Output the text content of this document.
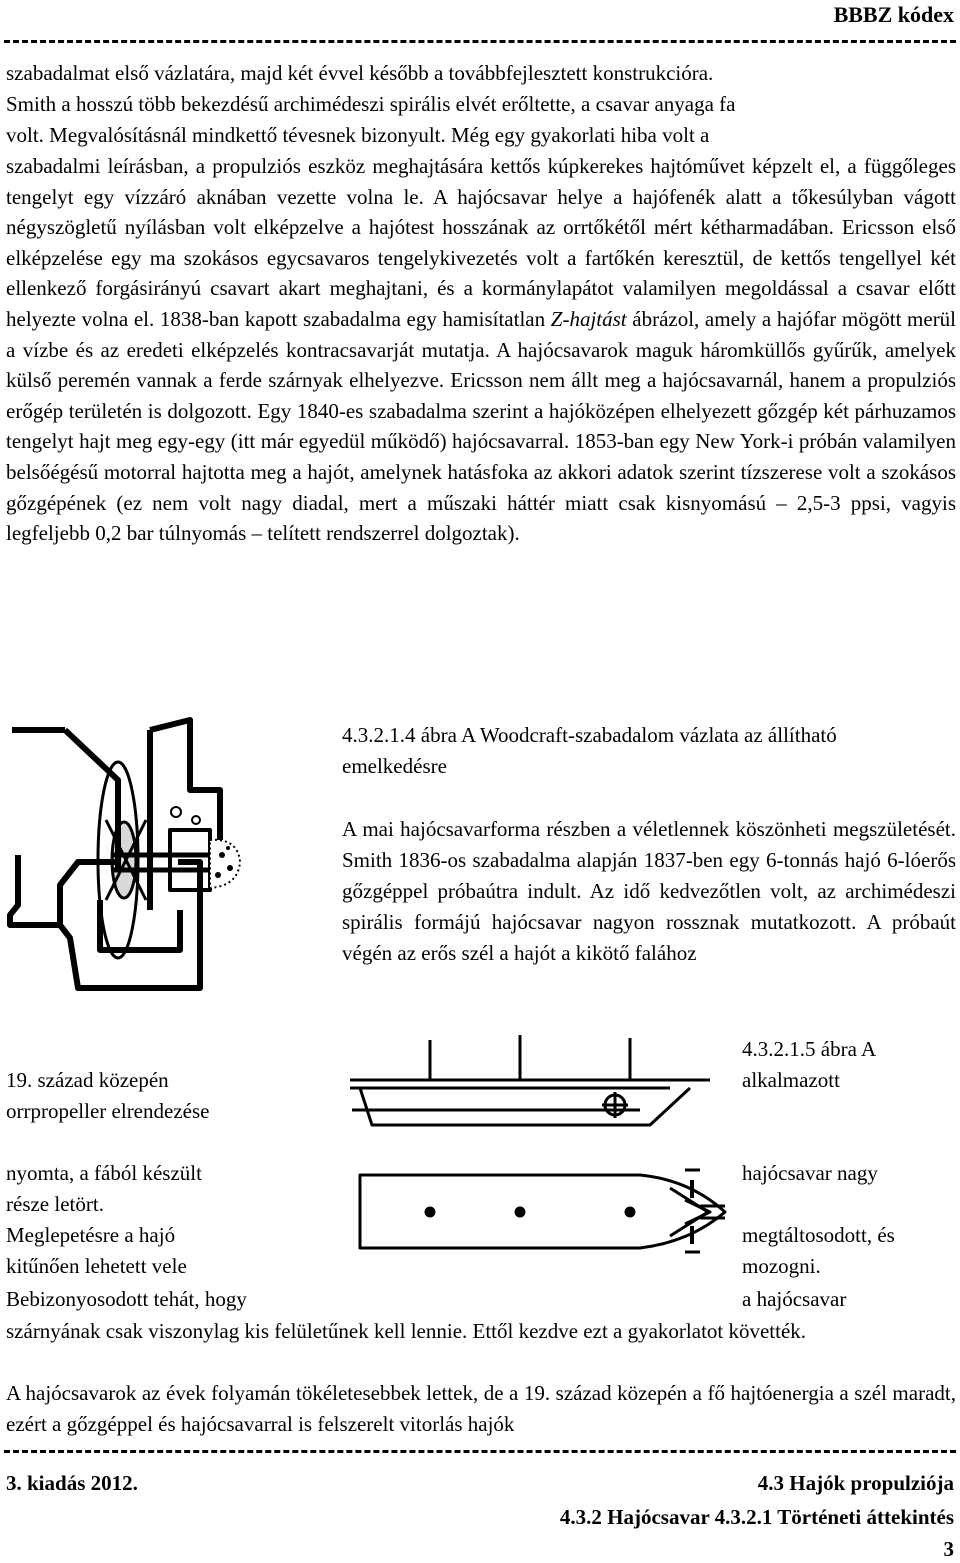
BBBZ kódex
szabadalmat első vázlatára, majd két évvel később a továbbfejlesztett konstrukcióra.
Smith a hosszú több bekezdésű archimédeszi spirális elvét erőltette, a csavar anyaga fa
volt. Megvalósításnál mindkettő tévesnek bizonyult. Még egy gyakorlati hiba volt a

szabadalmi leírásban, a propulziós eszköz meghajtására kettős kúpkerekes hajtóművet képzelt el, a függőleges tengelyt egy vízzáró aknában vezette volna le. A hajócsavar helye a hajófenék alatt a tőkesúlyban vágott négyszögletű nyílásban volt elképzelve a hajótest hosszának az orrtőkétől mért kétharmadában. Ericsson első elképzelése egy ma szokásos egycsavaros tengelykivezetés volt a fartőkén keresztül, de kettős tengellyel két ellenkező forgásirányú csavart akart meghajtani, és a kormánylapátot valamilyen megoldással a csavar előtt helyezte volna el. 1838-ban kapott szabadalma egy hamisítatlan Z-hajtást ábrázol, amely a hajófar mögött merül a vízbe és az eredeti elképzelés kontracsavarját mutatja. A hajócsavarok maguk háromküllős gyűrűk, amelyek külső peremén vannak a ferde szárnyak elhelyezve. Ericsson nem állt meg a hajócsavarnál, hanem a propulziós erőgép területén is dolgozott. Egy 1840-es szabadalma szerint a hajóközépen elhelyezett gőzgép két párhuzamos tengelyt hajt meg egy-egy (itt már egyedül működő) hajócsavarral. 1853-ban egy New York-i próbán valamilyen belsőégésű motorral hajtotta meg a hajót, amelynek hatásfoka az akkori adatok szerint tízszerese volt a szokásos gőzgépének (ez nem volt nagy diadal, mert a műszaki háttér miatt csak kisnyomású – 2,5-3 ppsi, vagyis legfeljebb 0,2 bar túlnyomás – telített rendszerrel dolgoztak).

4.3.2.1.4 ábra A Woodcraft-szabadalom vázlata az állítható emelkedésre
A mai hajócsavarforma részben a véletlennek köszönheti megszületését. Smith 1836-os szabadalma alapján 1837-ben egy 6-tonnás hajó 6-lóerős gőzgéppel próbaútra indult. Az idő kedvezőtlen volt, az archimédeszi spirális formájú hajócsavar nagyon rossznak mutatkozott. A próbaút végén az erős szél a hajót a kikötő falához
4.3.2.1.5 ábra A
alkalmazott
19. század közepén
orrpropeller elrendezése
nyomta, a fából készült	hajócsavar nagy
része letört.
Meglepetésre a hajó	megtáltosodott, és
kitűnően lehetett vele	mozogni.
Bebizonyosodott tehát, hogy	a hajócsavar
szárnyának csak viszonylag kis felületűnek kell lennie. Ettől kezdve ezt a gyakorlatot követték.
A hajócsavarok az évek folyamán tökéletesebbek lettek, de a 19. század közepén a fő hajtóenergia a szél maradt, ezért a gőzgéppel és hajócsavarral is felszerelt vitorlás hajók
3. kiadás 2012.	4.3 Hajók propulziója
4.3.2 Hajócsavar 4.3.2.1 Történeti áttekintés
3
